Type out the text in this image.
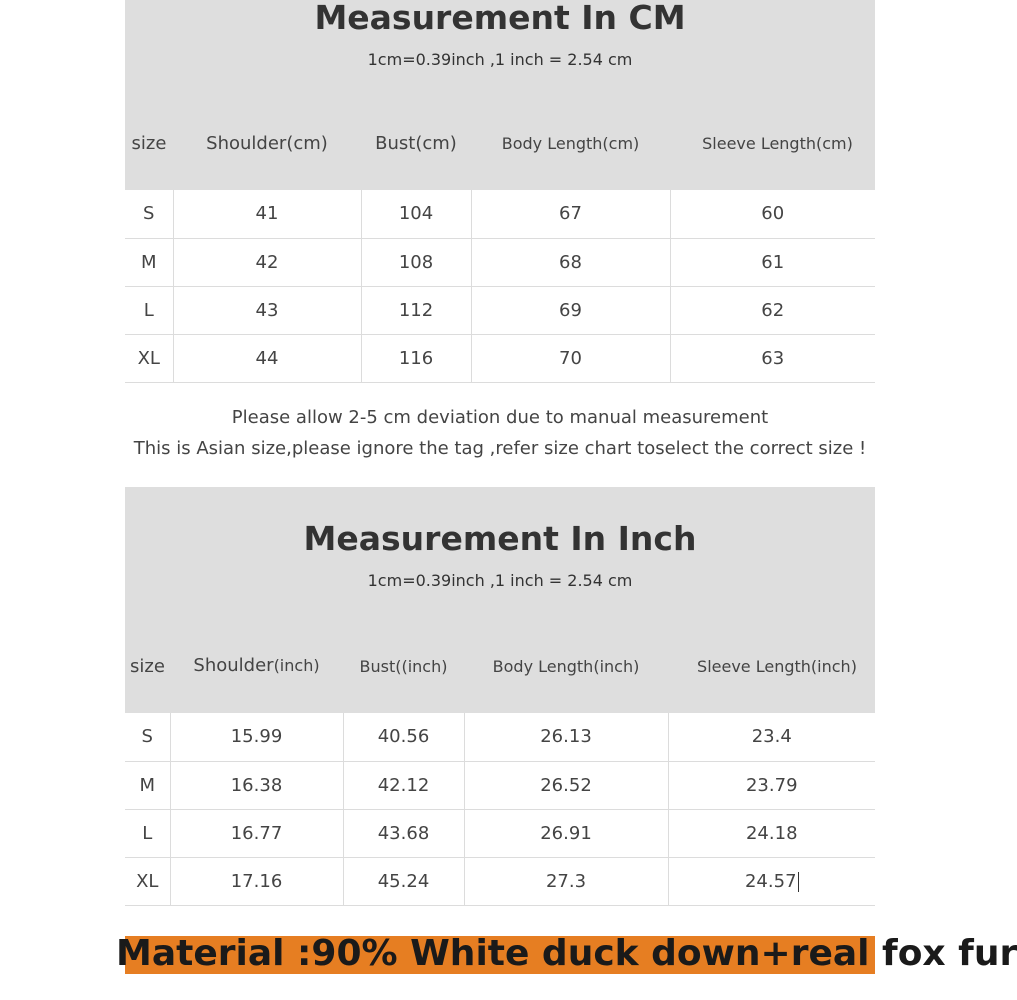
Measurement In CM
1cm=0.39inch ,1 inch = 2.54 cm
size	Shoulder(cm)	Bust(cm)	Body Length(cm)	Sleeve Length(cm)
S	41	104	67	60
M	42	108	68	61
L	43	112	69	62
XL	44	116	70	63
Please allow 2-5 cm deviation due to manual measurement
This is Asian size,please ignore the tag ,refer size chart toselect the correct size !
Measurement In Inch
1cm=0.39inch ,1 inch = 2.54 cm
size	Shoulder(inch)	Bust((inch)	Body Length(inch)	Sleeve Length(inch)
S	15.99	40.56	26.13	23.4
M	16.38	42.12	26.52	23.79
L	16.77	43.68	26.91	24.18
XL	17.16	45.24	27.3	24.57
Material :90% White duck down+real fox fur
